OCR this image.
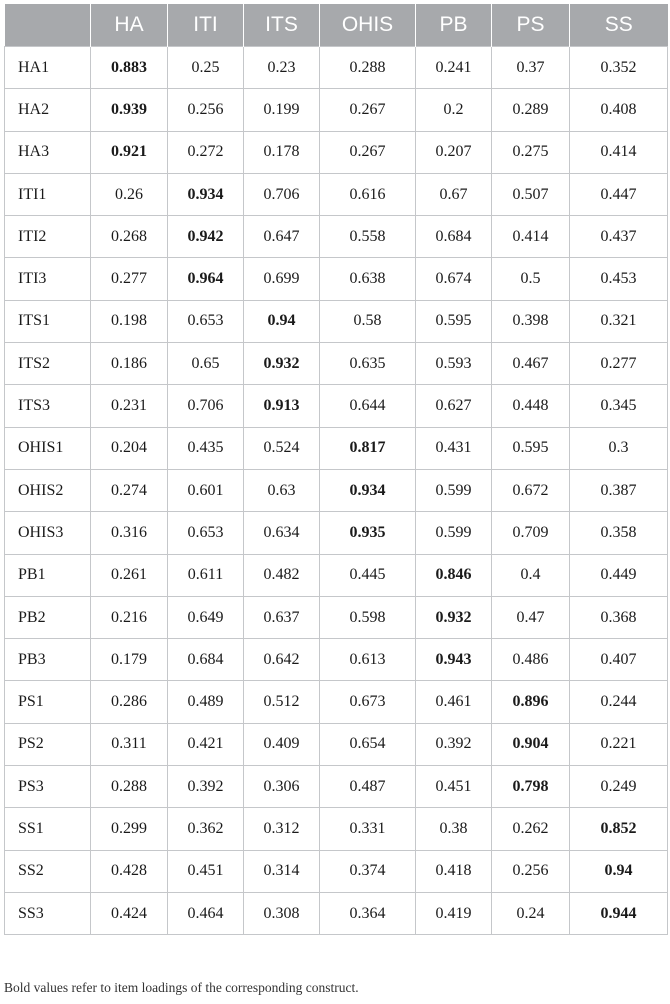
	HA	ITI	ITS	OHIS	PB	PS	SS
HA1	0.883	0.25	0.23	0.288	0.241	0.37	0.352
HA2	0.939	0.256	0.199	0.267	0.2	0.289	0.408
HA3	0.921	0.272	0.178	0.267	0.207	0.275	0.414
ITI1	0.26	0.934	0.706	0.616	0.67	0.507	0.447
ITI2	0.268	0.942	0.647	0.558	0.684	0.414	0.437
ITI3	0.277	0.964	0.699	0.638	0.674	0.5	0.453
ITS1	0.198	0.653	0.94	0.58	0.595	0.398	0.321
ITS2	0.186	0.65	0.932	0.635	0.593	0.467	0.277
ITS3	0.231	0.706	0.913	0.644	0.627	0.448	0.345
OHIS1	0.204	0.435	0.524	0.817	0.431	0.595	0.3
OHIS2	0.274	0.601	0.63	0.934	0.599	0.672	0.387
OHIS3	0.316	0.653	0.634	0.935	0.599	0.709	0.358
PB1	0.261	0.611	0.482	0.445	0.846	0.4	0.449
PB2	0.216	0.649	0.637	0.598	0.932	0.47	0.368
PB3	0.179	0.684	0.642	0.613	0.943	0.486	0.407
PS1	0.286	0.489	0.512	0.673	0.461	0.896	0.244
PS2	0.311	0.421	0.409	0.654	0.392	0.904	0.221
PS3	0.288	0.392	0.306	0.487	0.451	0.798	0.249
SS1	0.299	0.362	0.312	0.331	0.38	0.262	0.852
SS2	0.428	0.451	0.314	0.374	0.418	0.256	0.94
SS3	0.424	0.464	0.308	0.364	0.419	0.24	0.944
Bold values refer to item loadings of the corresponding construct.
